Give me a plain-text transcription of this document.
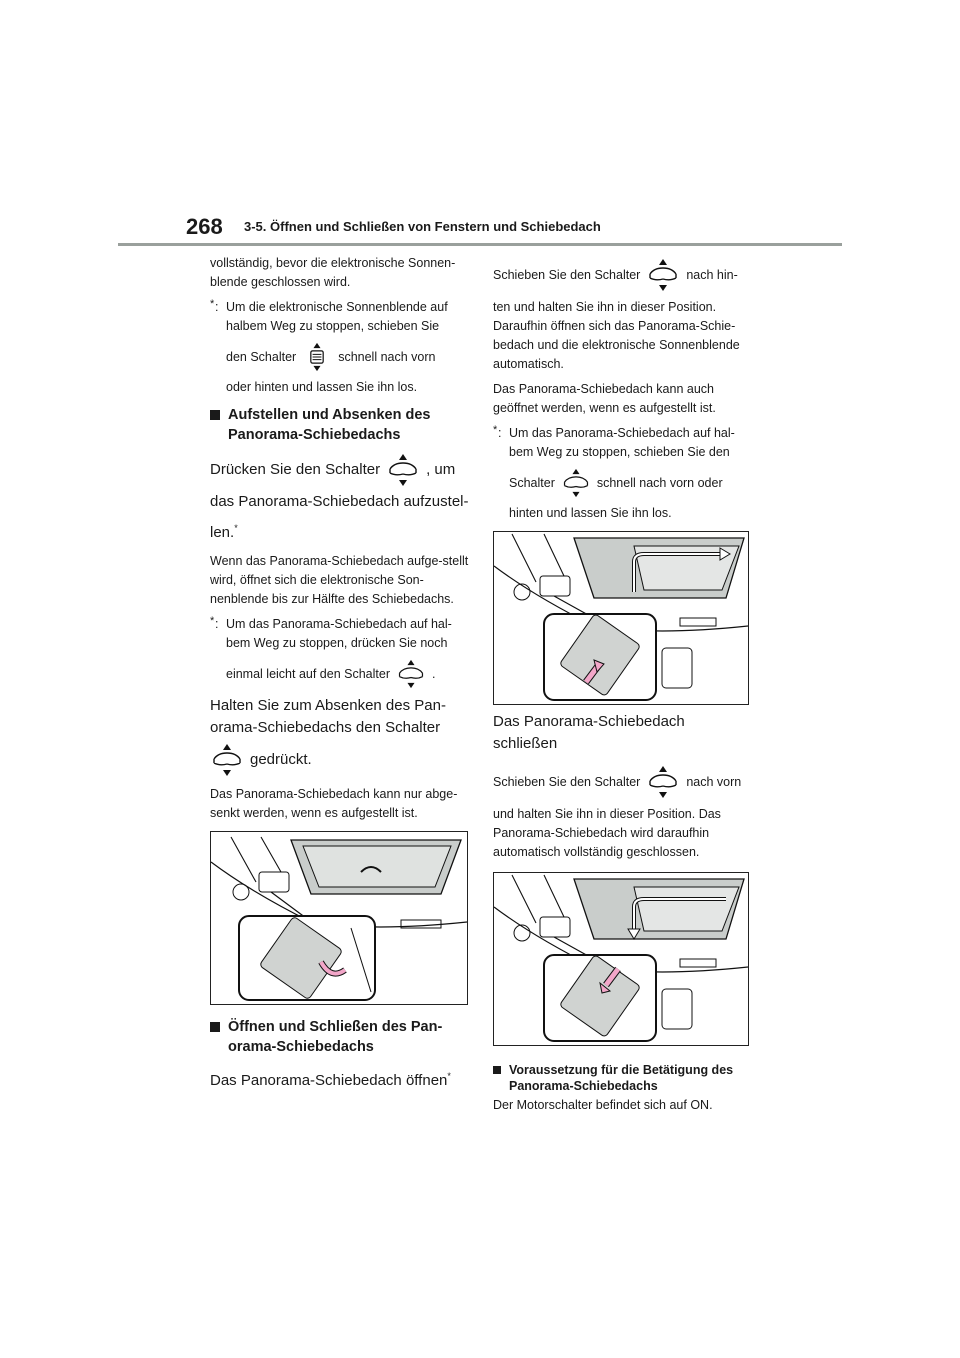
268 3-5. Öffnen und Schließen von Fenstern und Schiebedach

vollständig, bevor die elektronische Sonnen-blende geschlossen wird.

* : Um die elektronische Sonnenblende auf halbem Weg zu stoppen, schieben Sie
den Schalter	schnell nach vorn
oder hinten und lassen Sie ihn los.
Aufstellen und Absenken des
Panorama-Schiebedachs
Drücken Sie den Schalter	, um
das Panorama-Schiebedach aufzustel-
len.*

Wenn das Panorama-Schiebedach aufge-stellt wird, öffnet sich die elektronische Son-nenblende bis zur Hälfte des Schiebedachs.

* : Um das Panorama-Schiebedach auf hal-bem Weg zu stoppen, drücken Sie noch
einmal leicht auf den Schalter	.
Halten Sie zum Absenken des Pan-orama-Schiebedachs den Schalter
gedrückt.

Das Panorama-Schiebedach kann nur abge-senkt werden, wenn es aufgestellt ist.

Öffnen und Schließen des Pan-
orama-Schiebedachs
Das Panorama-Schiebedach öffnen*
Schieben Sie den Schalter	nach hin-

ten und halten Sie ihn in dieser Position. Daraufhin öffnen sich das Panorama-Schie-bedach und die elektronische Sonnenblende automatisch.

Das Panorama-Schiebedach kann auch geöffnet werden, wenn es aufgestellt ist.

* : Um das Panorama-Schiebedach auf hal-bem Weg zu stoppen, schieben Sie den
Schalter	schnell nach vorn oder
hinten und lassen Sie ihn los.
Das Panorama-Schiebedach schließen
Schieben Sie den Schalter	nach vorn

und halten Sie ihn in dieser Position. Das Panorama-Schiebedach wird daraufhin automatisch vollständig geschlossen.

Voraussetzung für die Betätigung des
Panorama-Schiebedachs

Der Motorschalter befindet sich auf ON.
